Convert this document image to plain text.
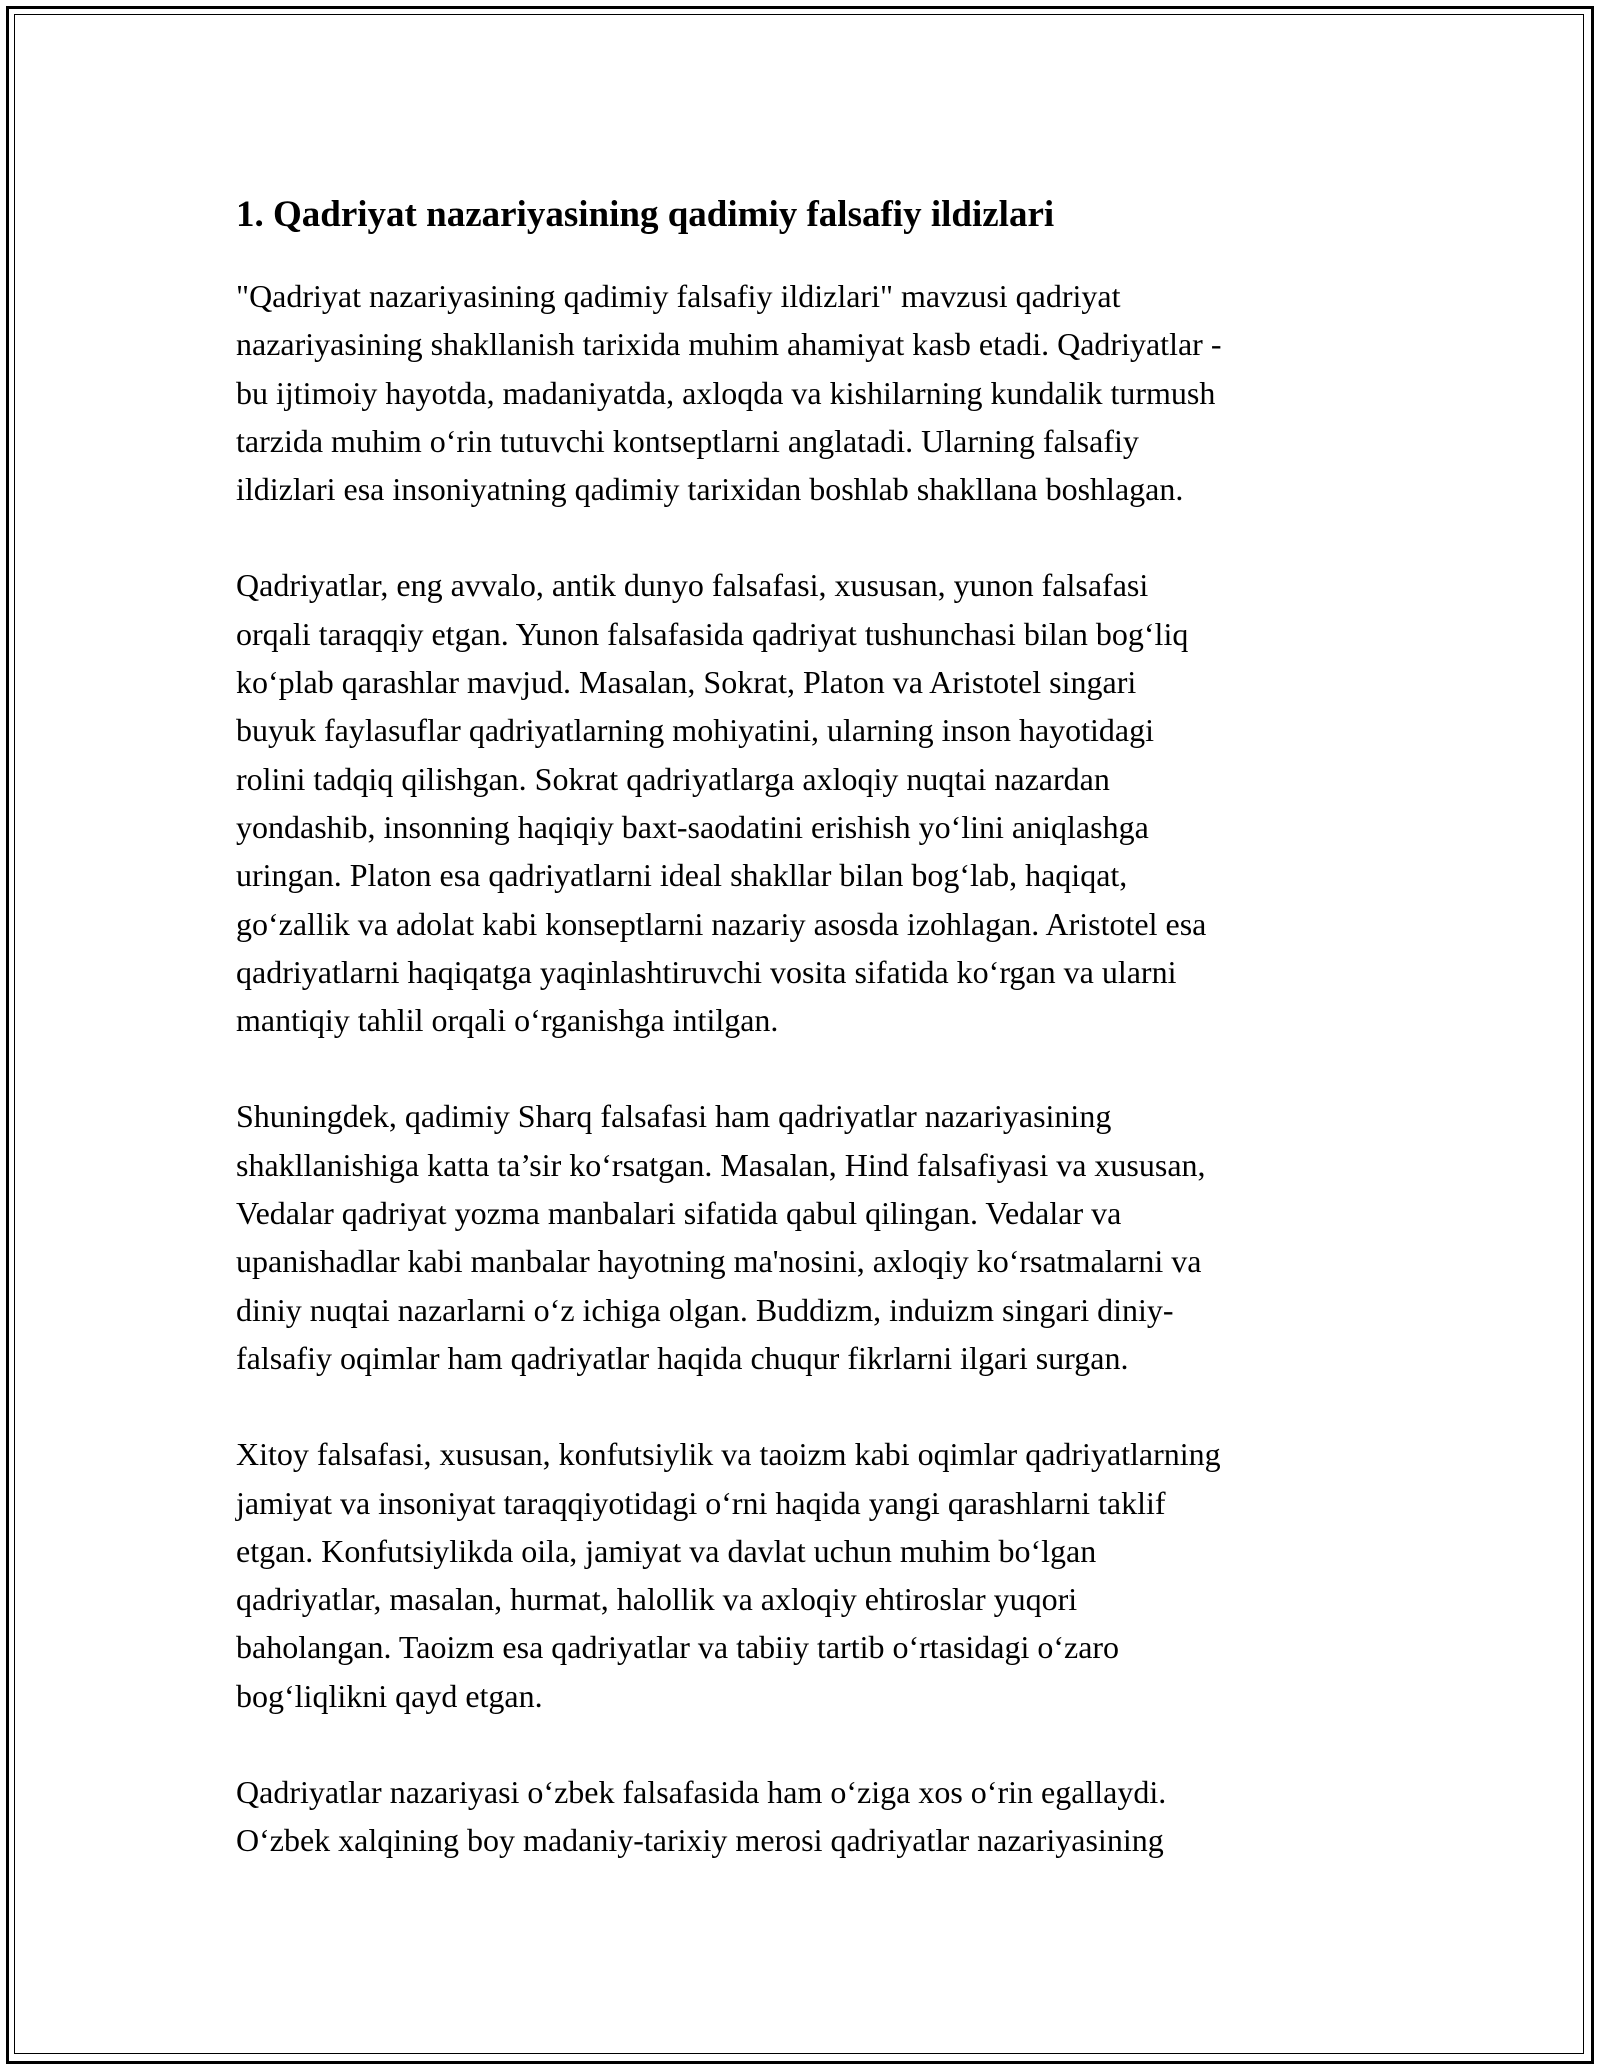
1. Qadriyat nazariyasining qadimiy falsafiy ildizlari

"Qadriyat nazariyasining qadimiy falsafiy ildizlari" mavzusi qadriyat
nazariyasining shakllanish tarixida muhim ahamiyat kasb etadi. Qadriyatlar -
bu ijtimoiy hayotda, madaniyatda, axloqda va kishilarning kundalik turmush
tarzida muhim o‘rin tutuvchi kontseptlarni anglatadi. Ularning falsafiy
ildizlari esa insoniyatning qadimiy tarixidan boshlab shakllana boshlagan.

Qadriyatlar, eng avvalo, antik dunyo falsafasi, xususan, yunon falsafasi
orqali taraqqiy etgan. Yunon falsafasida qadriyat tushunchasi bilan bog‘liq
ko‘plab qarashlar mavjud. Masalan, Sokrat, Platon va Aristotel singari
buyuk faylasuflar qadriyatlarning mohiyatini, ularning inson hayotidagi
rolini tadqiq qilishgan. Sokrat qadriyatlarga axloqiy nuqtai nazardan
yondashib, insonning haqiqiy baxt-saodatini erishish yo‘lini aniqlashga
uringan. Platon esa qadriyatlarni ideal shakllar bilan bog‘lab, haqiqat,
go‘zallik va adolat kabi konseptlarni nazariy asosda izohlagan. Aristotel esa
qadriyatlarni haqiqatga yaqinlashtiruvchi vosita sifatida ko‘rgan va ularni
mantiqiy tahlil orqali o‘rganishga intilgan.

Shuningdek, qadimiy Sharq falsafasi ham qadriyatlar nazariyasining
shakllanishiga katta ta’sir ko‘rsatgan. Masalan, Hind falsafiyasi va xususan,
Vedalar qadriyat yozma manbalari sifatida qabul qilingan. Vedalar va
upanishadlar kabi manbalar hayotning ma'nosini, axloqiy ko‘rsatmalarni va
diniy nuqtai nazarlarni o‘z ichiga olgan. Buddizm, induizm singari diniy-
falsafiy oqimlar ham qadriyatlar haqida chuqur fikrlarni ilgari surgan.

Xitoy falsafasi, xususan, konfutsiylik va taoizm kabi oqimlar qadriyatlarning
jamiyat va insoniyat taraqqiyotidagi o‘rni haqida yangi qarashlarni taklif
etgan. Konfutsiylikda oila, jamiyat va davlat uchun muhim bo‘lgan
qadriyatlar, masalan, hurmat, halollik va axloqiy ehtiroslar yuqori
baholangan. Taoizm esa qadriyatlar va tabiiy tartib o‘rtasidagi o‘zaro
bog‘liqlikni qayd etgan.

Qadriyatlar nazariyasi o‘zbek falsafasida ham o‘ziga xos o‘rin egallaydi.
O‘zbek xalqining boy madaniy-tarixiy merosi qadriyatlar nazariyasining
